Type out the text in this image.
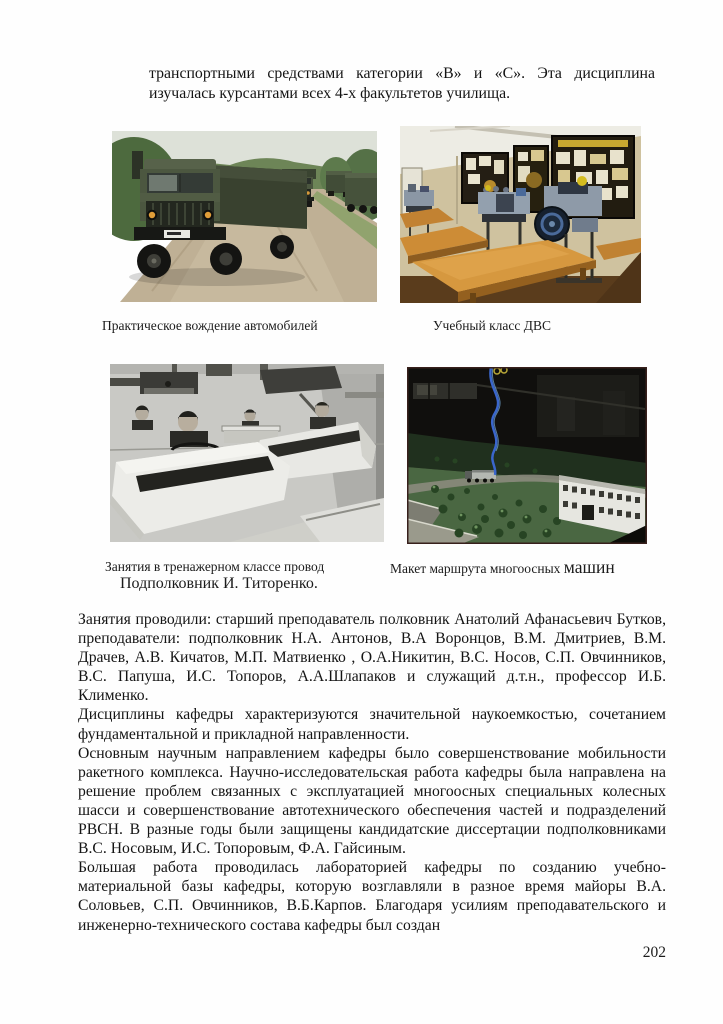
транспортными средствами категории «В» и «С». Эта дисциплина изучалась курсантами всех 4-х факультетов училища.
Практическое вождение автомобилей	Учебный класс ДВС
Занятия в тренажерном классе провод
Подполковник И. Титоренко.
Макет маршрута многоосных машин

Занятия проводили: старший преподаватель полковник Анатолий Афанасьевич Бутков, преподаватели: подполковник Н.А. Антонов, В.А Воронцов, В.М. Дмитриев, В.М. Драчев, А.В. Кичатов, М.П. Матвиенко , О.А.Никитин, В.С. Носов, С.П. Овчинников, В.С. Папуша, И.С. Топоров, А.А.Шлапаков и служащий д.т.н., профессор И.Б. Клименко.

Дисциплины кафедры характеризуются значительной наукоемкостью, сочетанием фундаментальной и прикладной направленности.

Основным научным направлением кафедры было совершенствование мобильности ракетного комплекса. Научно-исследовательская работа кафедры была направлена на решение проблем связанных с эксплуатацией многоосных специальных колесных шасси и совершенствование автотехнического обеспечения частей и подразделений РВСН. В разные годы были защищены кандидатские диссертации подполковниками В.С. Носовым, И.С. Топоровым, Ф.А. Гайсиным.

Большая работа проводилась лабораторией кафедры по созданию учебно-материальной базы кафедры, которую возглавляли в разное время майоры В.А. Соловьев, С.П. Овчинников, В.Б.Карпов. Благодаря усилиям преподавательского и инженерно-технического состава кафедры был создан

202
